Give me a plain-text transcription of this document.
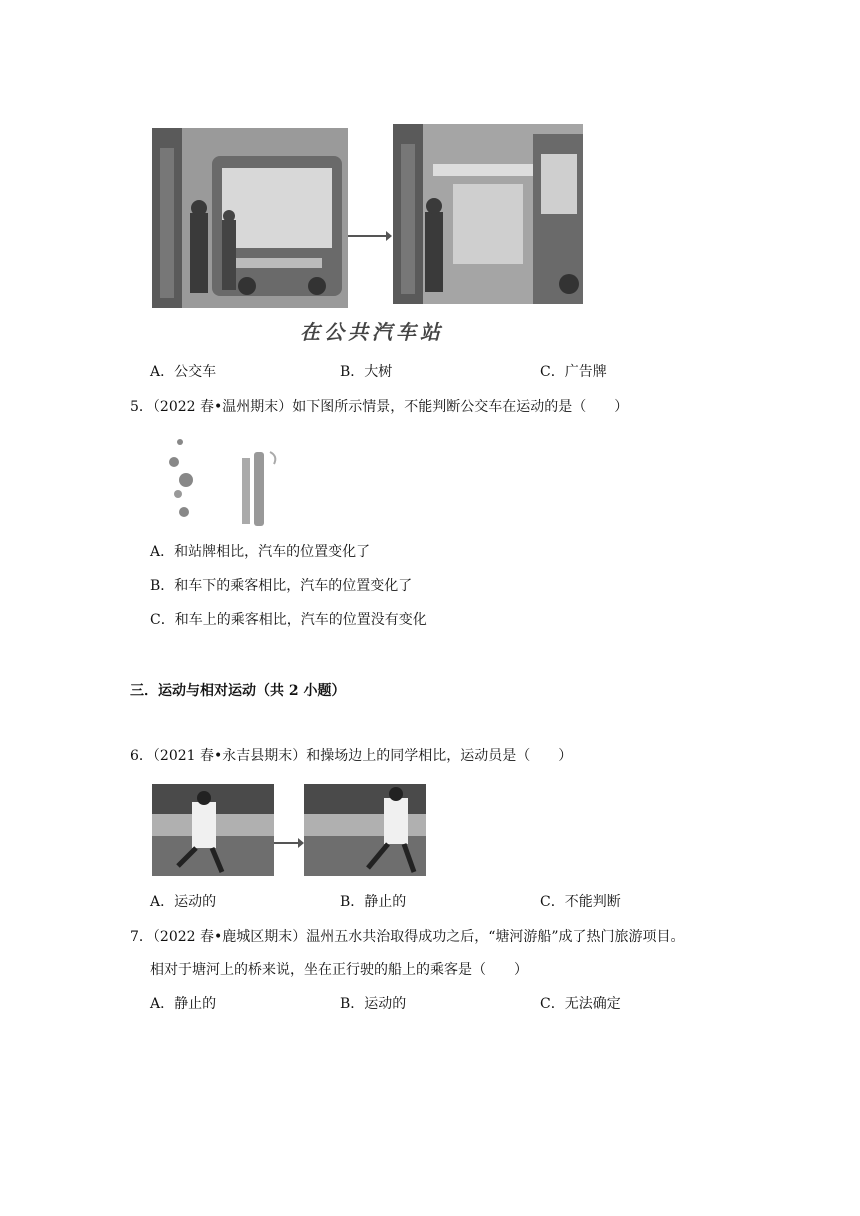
在公共汽车站
A．公交车	B．大树	C．广告牌
5．（2022 春•温州期末）如下图所示情景，不能判断公交车在运动的是（　　）
A．和站牌相比，汽车的位置变化了
B．和车下的乘客相比，汽车的位置变化了
C．和车上的乘客相比，汽车的位置没有变化
三．运动与相对运动（共 2 小题）
6．（2021 春•永吉县期末）和操场边上的同学相比，运动员是（　　）
A．运动的	B．静止的	C．不能判断
7．（2022 春•鹿城区期末）温州五水共治取得成功之后，“塘河游船”成了热门旅游项目。
相对于塘河上的桥来说，坐在正行驶的船上的乘客是（　　）
A．静止的	B．运动的	C．无法确定
